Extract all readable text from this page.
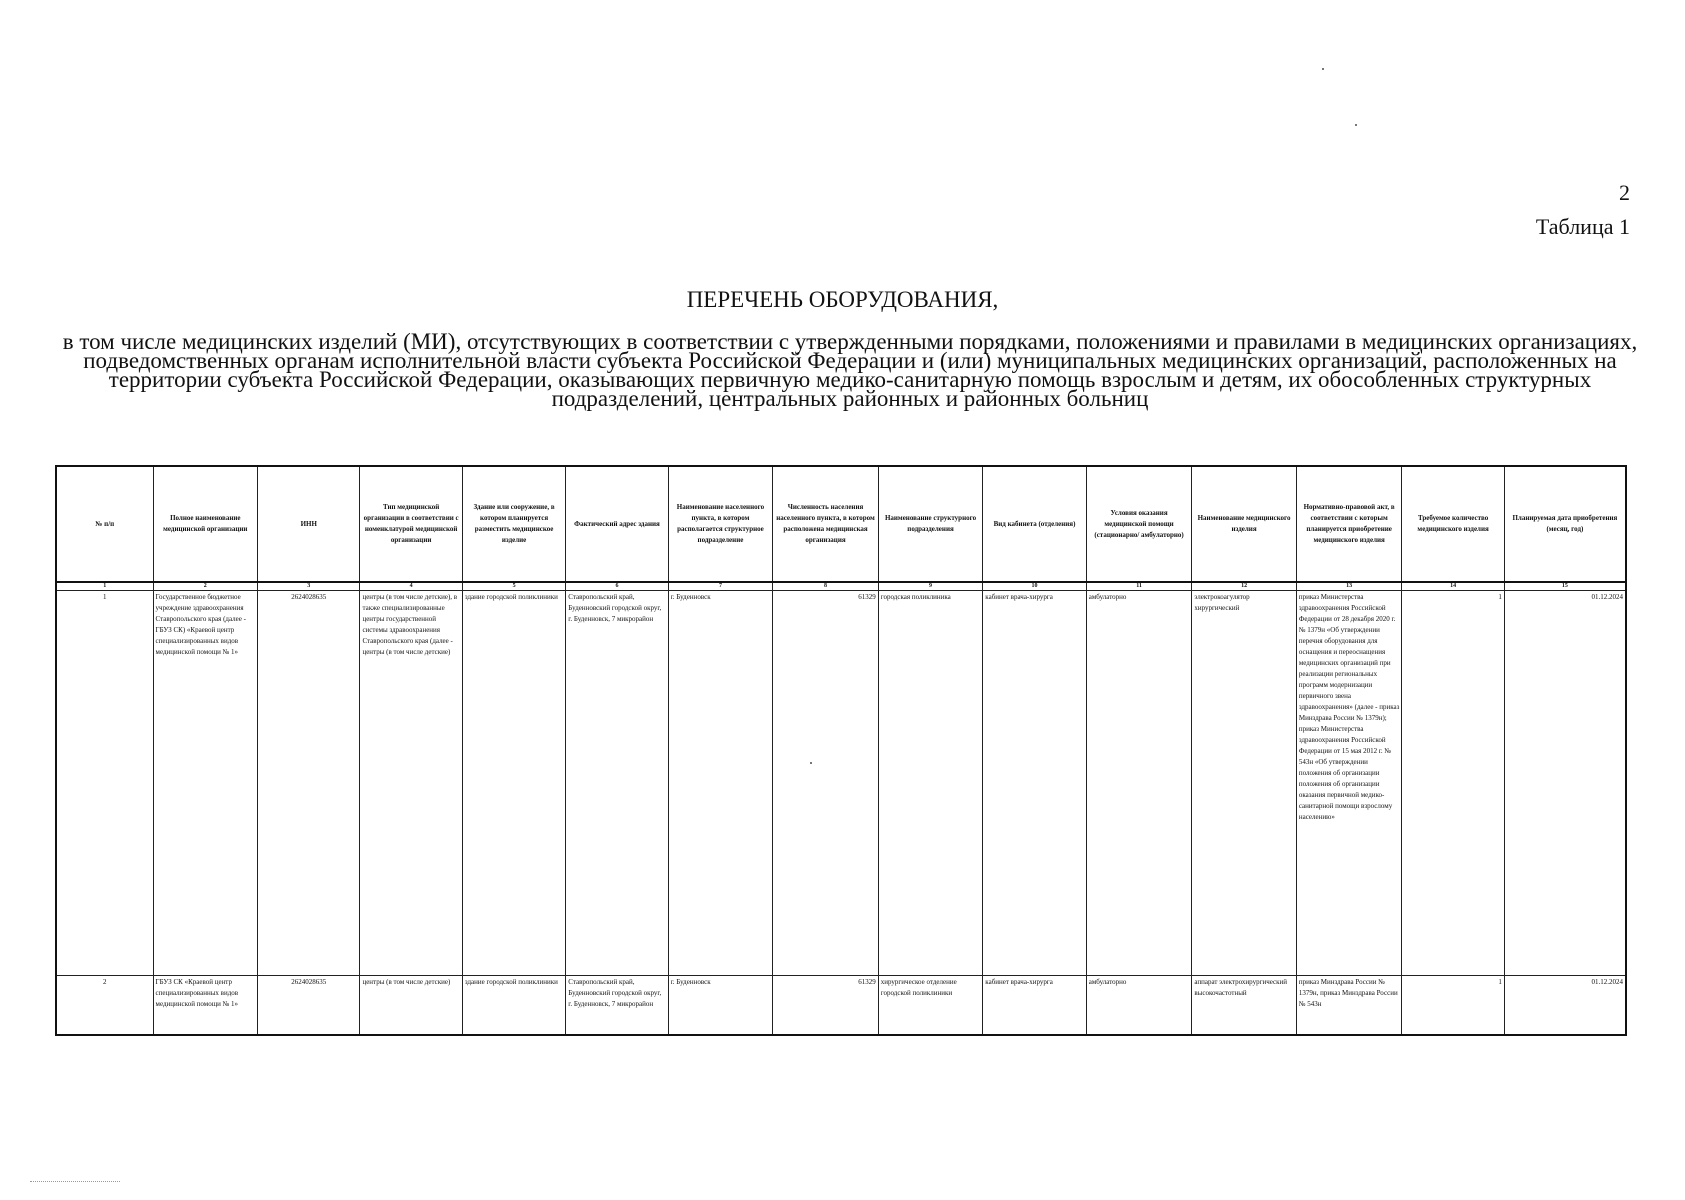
2
Таблица 1
ПЕРЕЧЕНЬ ОБОРУДОВАНИЯ,
в том числе медицинских изделий (МИ), отсутствующих в соответствии с утвержденными порядками, положениями и правилами в медицинских организациях, подведомственных органам исполнительной власти субъекта Российской Федерации и (или) муниципальных медицинских организаций, расположенных на территории субъекта Российской Федерации, оказывающих первичную медико-санитарную помощь взрослым и детям, их обособленных структурных подразделений, центральных районных и районных больниц
№ п/п	Полное наименование медицинской организации	ИНН	Тип медицинской организации в соответствии с номенклатурой медицинской организации	Здание или сооружение, в котором планируется разместить медицинское изделие	Фактический адрес здания	Наименование населенного пункта, в котором располагается структурное подразделение	Численность населения населенного пункта, в котором расположена медицинская организация	Наименование структурного подразделения	Вид кабинета (отделения)	Условия оказания медицинской помощи (стационарно/ амбулаторно)	Наименование медицинского изделия	Нормативно-правовой акт, в соответствии с которым планируется приобретение медицинского изделия	Требуемое количество медицинского изделия	Планируемая дата приобретения (месяц, год)
1	2	3	4	5	6	7	8	9	10	11	12	13	14	15
1	Государственное бюджетное учреждение здравоохранения Ставропольского края (далее - ГБУЗ СК) «Краевой центр специализированных видов медицинской помощи № 1»	2624028635	центры (в том числе детские), в также специализированные центры государственной системы здравоохранения Ставропольского края (далее - центры (в том числе детские)	здание городской поликлиники	Ставропольский край, Буденновский городской округ, г. Буденновск, 7 микрорайон	г. Буденновск	61329	городская поликлиника	кабинет врача-хирурга	амбулаторно	электрокоагулятор хирургический	приказ Министерства здравоохранения Российской Федерации от 28 декабря 2020 г. № 1379н «Об утверждении перечня оборудования для оснащения и переоснащения медицинских организаций при реализации региональных программ модернизации первичного звена здравоохранения» (далее - приказ Минздрава России № 1379н); приказ Министерства здравоохранения Российской Федерации от 15 мая 2012 г. № 543н «Об утверждении положения об организации положения об организации оказания первичной медико-санитарной помощи взрослому населению»	1	01.12.2024
2	ГБУЗ СК «Краевой центр специализированных видов медицинской помощи № 1»	2624028635	центры (в том числе детские)	здание городской поликлиники	Ставропольский край, Буденновский городской округ, г. Буденновск, 7 микрорайон	г. Буденновск	61329	хирургическое отделение городской поликлиники	кабинет врача-хирурга	амбулаторно	аппарат электрохирургический высокочастотный	приказ Минздрава России № 1379н, приказ Минздрава России № 543н	1	01.12.2024
